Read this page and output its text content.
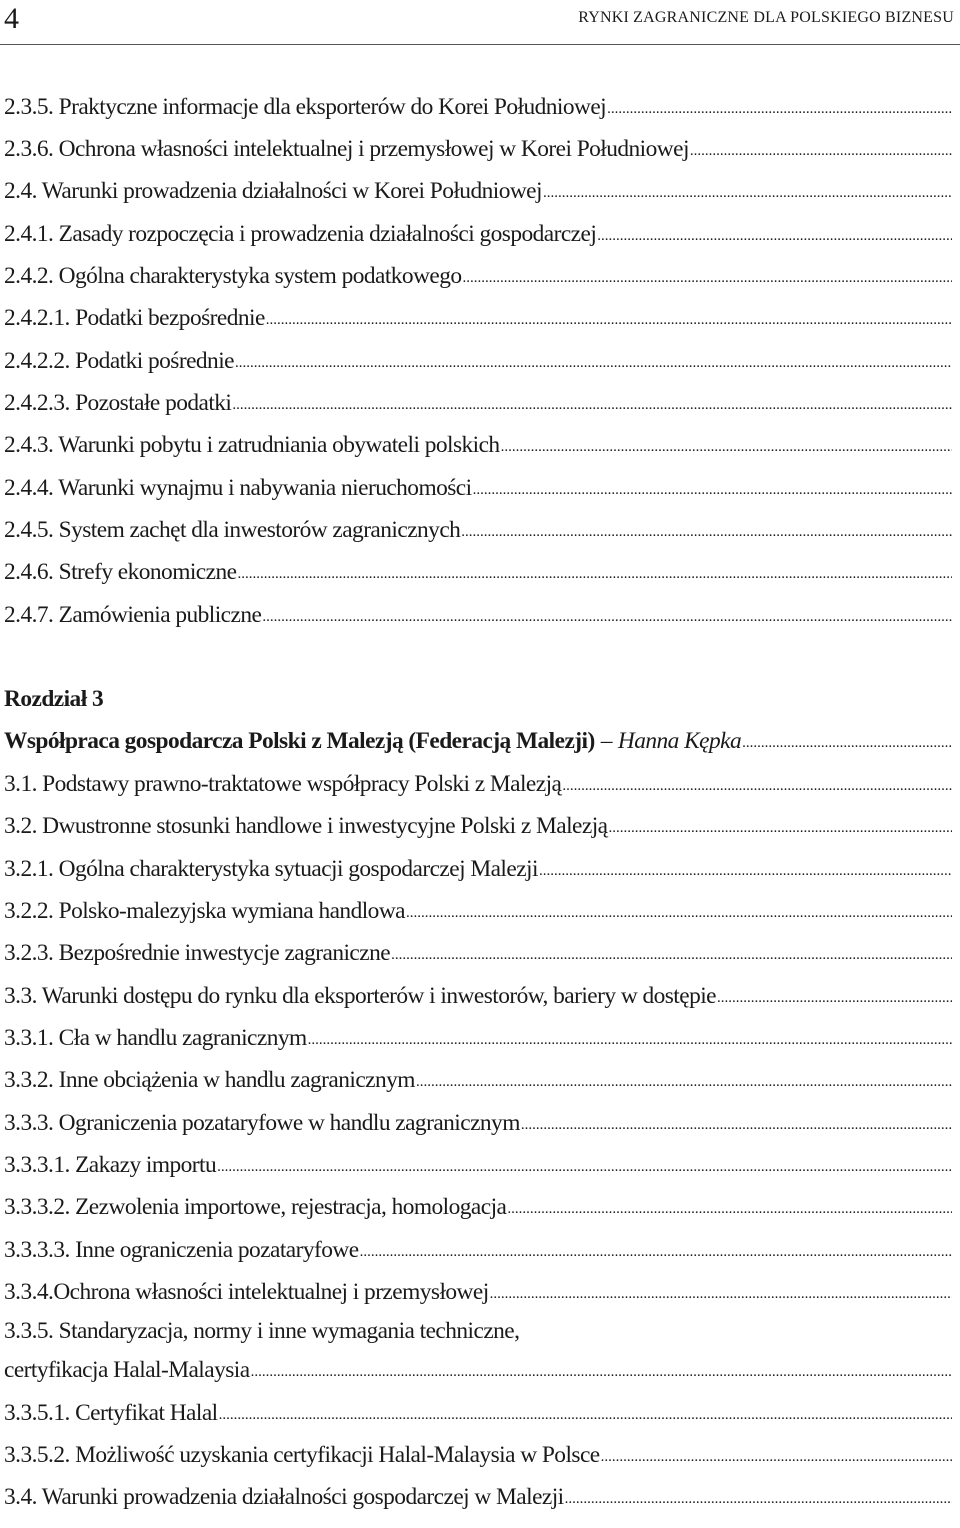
4	RYNKI ZAGRANICZNE DLA POLSKIEGO BIZNESU
2.3.5. Praktyczne informacje dla eksporterów do Korei Południowej
.....
2.3.6. Ochrona własności intelektualnej i przemysłowej w Korei Południowej
.....
2.4. Warunki prowadzenia działalności w Korei Południowej
.....
2.4.1. Zasady rozpoczęcia i prowadzenia działalności gospodarczej
.....
2.4.2. Ogólna charakterystyka system podatkowego
.....
2.4.2.1. Podatki bezpośrednie
.....
2.4.2.2. Podatki pośrednie
.....
2.4.2.3. Pozostałe podatki
.....
2.4.3. Warunki pobytu i zatrudniania obywateli polskich
.....
2.4.4. Warunki wynajmu i nabywania nieruchomości
.....
2.4.5. System zachęt dla inwestorów zagranicznych
.....
2.4.6. Strefy ekonomiczne
.....
2.4.7. Zamówienia publiczne
.....
Rozdział 3
Współpraca gospodarcza Polski z Malezją (Federacją Malezji) – Hanna Kępka
.....
3.1. Podstawy prawno-traktatowe współpracy Polski z Malezją
.....
3.2. Dwustronne stosunki handlowe i inwestycyjne Polski z Malezją
.....
3.2.1. Ogólna charakterystyka sytuacji gospodarczej Malezji
.....
3.2.2. Polsko-malezyjska wymiana handlowa
.....
3.2.3. Bezpośrednie inwestycje zagraniczne
.....
3.3. Warunki dostępu do rynku dla eksporterów i inwestorów, bariery w dostępie
.....
3.3.1. Cła w handlu zagranicznym
.....
3.3.2. Inne obciążenia w handlu zagranicznym
.....
3.3.3. Ograniczenia pozataryfowe w handlu zagranicznym
.....
3.3.3.1. Zakazy importu
.....
3.3.3.2. Zezwolenia importowe, rejestracja, homologacja
.....
3.3.3.3. Inne ograniczenia pozataryfowe
.....
3.3.4.Ochrona własności intelektualnej i przemysłowej
.....
3.3.5. Standaryzacja, normy i inne wymagania techniczne,
certyfikacja Halal-Malaysia
.....
3.3.5.1. Certyfikat Halal
.....
3.3.5.2. Możliwość uzyskania certyfikacji Halal-Malaysia w Polsce
.....
3.4. Warunki prowadzenia działalności gospodarczej w Malezji
.....
